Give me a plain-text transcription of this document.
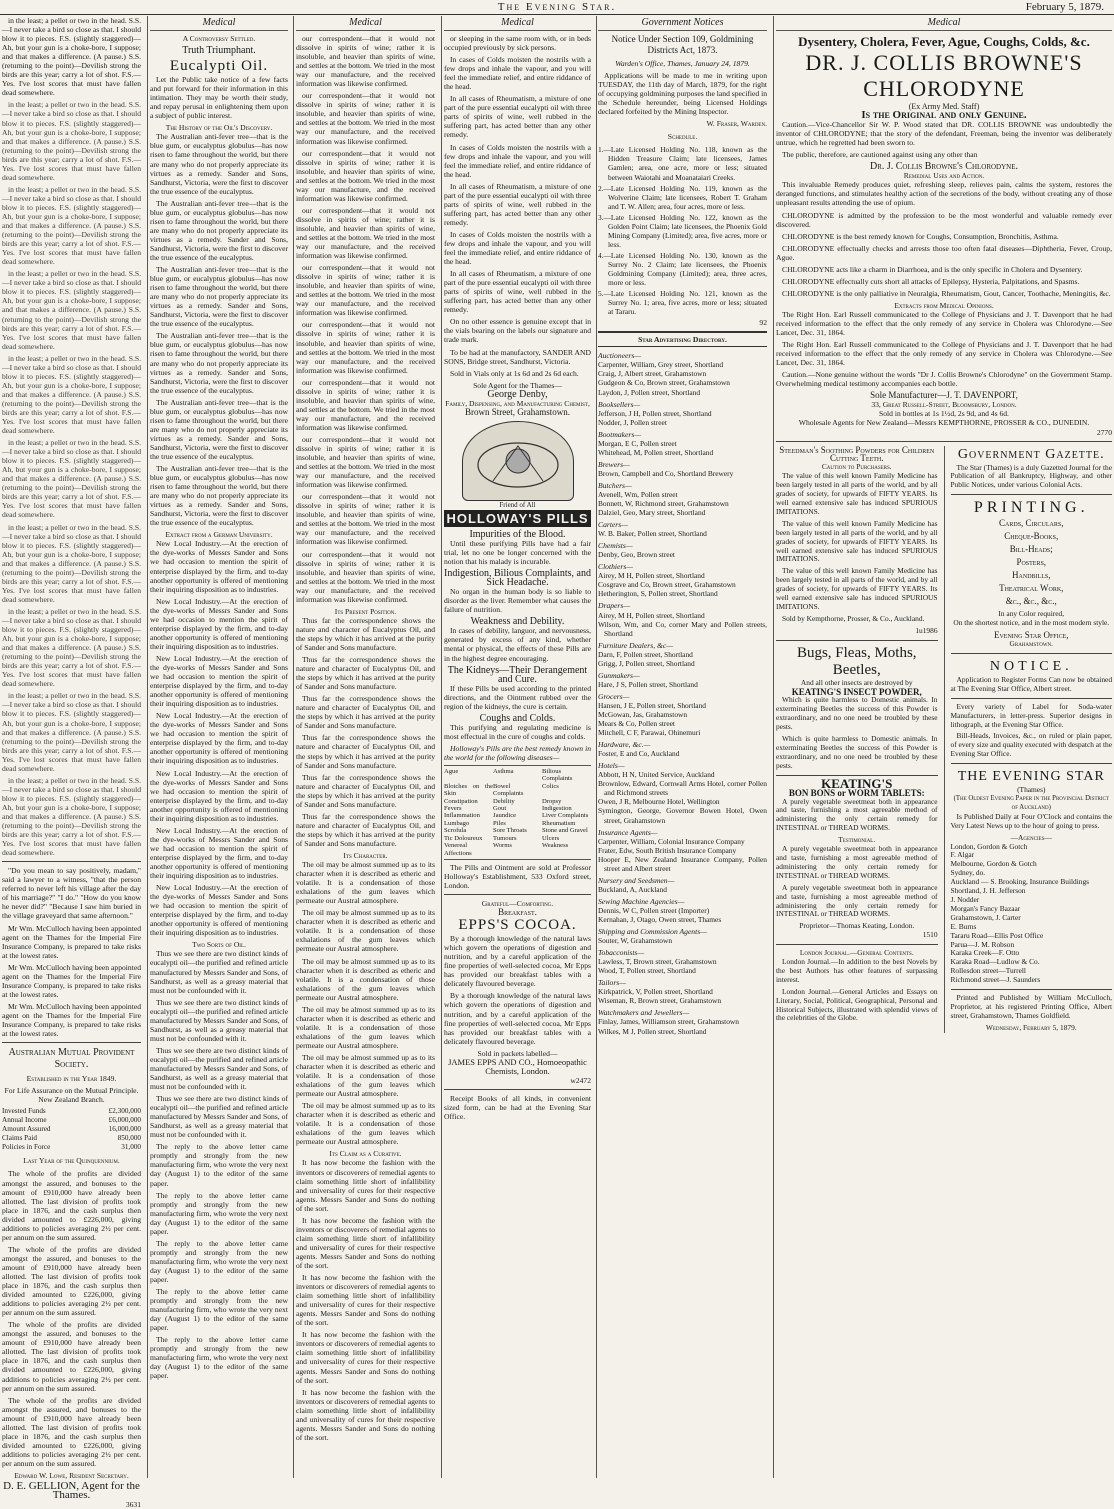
The Evening Star.	February 5, 1879.

in the least; a pellet or two in the head. S.S.—I never take a bird so close as that. I should blow it to pieces. F.S. (slightly staggered)—Ah, but your gun is a choke-bore, I suppose; and that makes a difference. (A pause.) S.S. (returning to the point)—Devilish strong the birds are this year; carry a lot of shot. F.S.—Yes. I've lost scores that must have fallen dead somewhere.

in the least; a pellet or two in the head. S.S.—I never take a bird so close as that. I should blow it to pieces. F.S. (slightly staggered)—Ah, but your gun is a choke-bore, I suppose; and that makes a difference. (A pause.) S.S. (returning to the point)—Devilish strong the birds are this year; carry a lot of shot. F.S.—Yes. I've lost scores that must have fallen dead somewhere.

in the least; a pellet or two in the head. S.S.—I never take a bird so close as that. I should blow it to pieces. F.S. (slightly staggered)—Ah, but your gun is a choke-bore, I suppose; and that makes a difference. (A pause.) S.S. (returning to the point)—Devilish strong the birds are this year; carry a lot of shot. F.S.—Yes. I've lost scores that must have fallen dead somewhere.

in the least; a pellet or two in the head. S.S.—I never take a bird so close as that. I should blow it to pieces. F.S. (slightly staggered)—Ah, but your gun is a choke-bore, I suppose; and that makes a difference. (A pause.) S.S. (returning to the point)—Devilish strong the birds are this year; carry a lot of shot. F.S.—Yes. I've lost scores that must have fallen dead somewhere.

in the least; a pellet or two in the head. S.S.—I never take a bird so close as that. I should blow it to pieces. F.S. (slightly staggered)—Ah, but your gun is a choke-bore, I suppose; and that makes a difference. (A pause.) S.S. (returning to the point)—Devilish strong the birds are this year; carry a lot of shot. F.S.—Yes. I've lost scores that must have fallen dead somewhere.

in the least; a pellet or two in the head. S.S.—I never take a bird so close as that. I should blow it to pieces. F.S. (slightly staggered)—Ah, but your gun is a choke-bore, I suppose; and that makes a difference. (A pause.) S.S. (returning to the point)—Devilish strong the birds are this year; carry a lot of shot. F.S.—Yes. I've lost scores that must have fallen dead somewhere.

in the least; a pellet or two in the head. S.S.—I never take a bird so close as that. I should blow it to pieces. F.S. (slightly staggered)—Ah, but your gun is a choke-bore, I suppose; and that makes a difference. (A pause.) S.S. (returning to the point)—Devilish strong the birds are this year; carry a lot of shot. F.S.—Yes. I've lost scores that must have fallen dead somewhere.

in the least; a pellet or two in the head. S.S.—I never take a bird so close as that. I should blow it to pieces. F.S. (slightly staggered)—Ah, but your gun is a choke-bore, I suppose; and that makes a difference. (A pause.) S.S. (returning to the point)—Devilish strong the birds are this year; carry a lot of shot. F.S.—Yes. I've lost scores that must have fallen dead somewhere.

in the least; a pellet or two in the head. S.S.—I never take a bird so close as that. I should blow it to pieces. F.S. (slightly staggered)—Ah, but your gun is a choke-bore, I suppose; and that makes a difference. (A pause.) S.S. (returning to the point)—Devilish strong the birds are this year; carry a lot of shot. F.S.—Yes. I've lost scores that must have fallen dead somewhere.

in the least; a pellet or two in the head. S.S.—I never take a bird so close as that. I should blow it to pieces. F.S. (slightly staggered)—Ah, but your gun is a choke-bore, I suppose; and that makes a difference. (A pause.) S.S. (returning to the point)—Devilish strong the birds are this year; carry a lot of shot. F.S.—Yes. I've lost scores that must have fallen dead somewhere.

"Do you mean to say positively, madam," said a lawyer to a witness, "that the person referred to never left his village after the day of his marriage?" "I do." "How do you know he never did?" "Because I saw him buried in the village graveyard that same afternoon."

Mr Wm. McCulloch having been appointed agent on the Thames for the Imperial Fire Insurance Company, is prepared to take risks at the lowest rates.

Mr Wm. McCulloch having been appointed agent on the Thames for the Imperial Fire Insurance Company, is prepared to take risks at the lowest rates.

Mr Wm. McCulloch having been appointed agent on the Thames for the Imperial Fire Insurance Company, is prepared to take risks at the lowest rates.

Australian Mutual Provident Society.
Established in the Year 1849.
For Life Assurance on the Mutual Principle. New Zealand Branch.
Invested Funds	£2,300,000
Annual Income	£6,000,000
Amount Assured	16,000,000
Claims Paid	850,000
Policies in Force	31,000
Last Year of the Quinquennium.

The whole of the profits are divided amongst the assured, and bonuses to the amount of £910,000 have already been allotted. The last division of profits took place in 1876, and the cash surplus then divided amounted to £226,000, giving additions to policies averaging 2½ per cent. per annum on the sum assured.

The whole of the profits are divided amongst the assured, and bonuses to the amount of £910,000 have already been allotted. The last division of profits took place in 1876, and the cash surplus then divided amounted to £226,000, giving additions to policies averaging 2½ per cent. per annum on the sum assured.

The whole of the profits are divided amongst the assured, and bonuses to the amount of £910,000 have already been allotted. The last division of profits took place in 1876, and the cash surplus then divided amounted to £226,000, giving additions to policies averaging 2½ per cent. per annum on the sum assured.

The whole of the profits are divided amongst the assured, and bonuses to the amount of £910,000 have already been allotted. The last division of profits took place in 1876, and the cash surplus then divided amounted to £226,000, giving additions to policies averaging 2½ per cent. per annum on the sum assured.

Edward W. Lowe, Resident Secretary.
D. E. GELLION, Agent for the Thames.
3631
Medical
A Controversy Settled.
Truth Triumphant.
Eucalypti Oil.

Let the Public take notice of a few facts and put forward for their information in this intimation. They may be worth their study, and repay perusal in enlightening them upon a subject of public interest.

The History of the Oil's Discovery.

The Australian anti-fever tree—that is the blue gum, or eucalyptus globulus—has now risen to fame throughout the world, but there are many who do not properly appreciate its virtues as a remedy. Sander and Sons, Sandhurst, Victoria, were the first to discover the true essence of the eucalyptus.

The Australian anti-fever tree—that is the blue gum, or eucalyptus globulus—has now risen to fame throughout the world, but there are many who do not properly appreciate its virtues as a remedy. Sander and Sons, Sandhurst, Victoria, were the first to discover the true essence of the eucalyptus.

The Australian anti-fever tree—that is the blue gum, or eucalyptus globulus—has now risen to fame throughout the world, but there are many who do not properly appreciate its virtues as a remedy. Sander and Sons, Sandhurst, Victoria, were the first to discover the true essence of the eucalyptus.

The Australian anti-fever tree—that is the blue gum, or eucalyptus globulus—has now risen to fame throughout the world, but there are many who do not properly appreciate its virtues as a remedy. Sander and Sons, Sandhurst, Victoria, were the first to discover the true essence of the eucalyptus.

The Australian anti-fever tree—that is the blue gum, or eucalyptus globulus—has now risen to fame throughout the world, but there are many who do not properly appreciate its virtues as a remedy. Sander and Sons, Sandhurst, Victoria, were the first to discover the true essence of the eucalyptus.

The Australian anti-fever tree—that is the blue gum, or eucalyptus globulus—has now risen to fame throughout the world, but there are many who do not properly appreciate its virtues as a remedy. Sander and Sons, Sandhurst, Victoria, were the first to discover the true essence of the eucalyptus.

Extract from a German University.

New Local Industry.—At the erection of the dye-works of Messrs Sander and Sons we had occasion to mention the spirit of enterprise displayed by the firm, and to-day another opportunity is offered of mentioning their inquiring disposition as to industries.

New Local Industry.—At the erection of the dye-works of Messrs Sander and Sons we had occasion to mention the spirit of enterprise displayed by the firm, and to-day another opportunity is offered of mentioning their inquiring disposition as to industries.

New Local Industry.—At the erection of the dye-works of Messrs Sander and Sons we had occasion to mention the spirit of enterprise displayed by the firm, and to-day another opportunity is offered of mentioning their inquiring disposition as to industries.

New Local Industry.—At the erection of the dye-works of Messrs Sander and Sons we had occasion to mention the spirit of enterprise displayed by the firm, and to-day another opportunity is offered of mentioning their inquiring disposition as to industries.

New Local Industry.—At the erection of the dye-works of Messrs Sander and Sons we had occasion to mention the spirit of enterprise displayed by the firm, and to-day another opportunity is offered of mentioning their inquiring disposition as to industries.

New Local Industry.—At the erection of the dye-works of Messrs Sander and Sons we had occasion to mention the spirit of enterprise displayed by the firm, and to-day another opportunity is offered of mentioning their inquiring disposition as to industries.

New Local Industry.—At the erection of the dye-works of Messrs Sander and Sons we had occasion to mention the spirit of enterprise displayed by the firm, and to-day another opportunity is offered of mentioning their inquiring disposition as to industries.

Two Sorts of Oil.

Thus we see there are two distinct kinds of eucalypti oil—the purified and refined article manufactured by Messrs Sander and Sons, of Sandhurst, as well as a greasy material that must not be confounded with it.

Thus we see there are two distinct kinds of eucalypti oil—the purified and refined article manufactured by Messrs Sander and Sons, of Sandhurst, as well as a greasy material that must not be confounded with it.

Thus we see there are two distinct kinds of eucalypti oil—the purified and refined article manufactured by Messrs Sander and Sons, of Sandhurst, as well as a greasy material that must not be confounded with it.

Thus we see there are two distinct kinds of eucalypti oil—the purified and refined article manufactured by Messrs Sander and Sons, of Sandhurst, as well as a greasy material that must not be confounded with it.

The reply to the above letter came promptly and strongly from the new manufacturing firm, who wrote the very next day (August 1) to the editor of the same paper.

The reply to the above letter came promptly and strongly from the new manufacturing firm, who wrote the very next day (August 1) to the editor of the same paper.

The reply to the above letter came promptly and strongly from the new manufacturing firm, who wrote the very next day (August 1) to the editor of the same paper.

The reply to the above letter came promptly and strongly from the new manufacturing firm, who wrote the very next day (August 1) to the editor of the same paper.

The reply to the above letter came promptly and strongly from the new manufacturing firm, who wrote the very next day (August 1) to the editor of the same paper.

Medical

our correspondent—that it would not dissolve in spirits of wine; rather it is insoluble, and heavier than spirits of wine, and settles at the bottom. We tried in the most way our manufacture, and the received information was likewise confirmed.

our correspondent—that it would not dissolve in spirits of wine; rather it is insoluble, and heavier than spirits of wine, and settles at the bottom. We tried in the most way our manufacture, and the received information was likewise confirmed.

our correspondent—that it would not dissolve in spirits of wine; rather it is insoluble, and heavier than spirits of wine, and settles at the bottom. We tried in the most way our manufacture, and the received information was likewise confirmed.

our correspondent—that it would not dissolve in spirits of wine; rather it is insoluble, and heavier than spirits of wine, and settles at the bottom. We tried in the most way our manufacture, and the received information was likewise confirmed.

our correspondent—that it would not dissolve in spirits of wine; rather it is insoluble, and heavier than spirits of wine, and settles at the bottom. We tried in the most way our manufacture, and the received information was likewise confirmed.

our correspondent—that it would not dissolve in spirits of wine; rather it is insoluble, and heavier than spirits of wine, and settles at the bottom. We tried in the most way our manufacture, and the received information was likewise confirmed.

our correspondent—that it would not dissolve in spirits of wine; rather it is insoluble, and heavier than spirits of wine, and settles at the bottom. We tried in the most way our manufacture, and the received information was likewise confirmed.

our correspondent—that it would not dissolve in spirits of wine; rather it is insoluble, and heavier than spirits of wine, and settles at the bottom. We tried in the most way our manufacture, and the received information was likewise confirmed.

our correspondent—that it would not dissolve in spirits of wine; rather it is insoluble, and heavier than spirits of wine, and settles at the bottom. We tried in the most way our manufacture, and the received information was likewise confirmed.

our correspondent—that it would not dissolve in spirits of wine; rather it is insoluble, and heavier than spirits of wine, and settles at the bottom. We tried in the most way our manufacture, and the received information was likewise confirmed.

Its Present Position.

Thus far the correspondence shows the nature and character of Eucalyptus Oil, and the steps by which it has arrived at the purity of Sander and Sons manufacture.

Thus far the correspondence shows the nature and character of Eucalyptus Oil, and the steps by which it has arrived at the purity of Sander and Sons manufacture.

Thus far the correspondence shows the nature and character of Eucalyptus Oil, and the steps by which it has arrived at the purity of Sander and Sons manufacture.

Thus far the correspondence shows the nature and character of Eucalyptus Oil, and the steps by which it has arrived at the purity of Sander and Sons manufacture.

Thus far the correspondence shows the nature and character of Eucalyptus Oil, and the steps by which it has arrived at the purity of Sander and Sons manufacture.

Thus far the correspondence shows the nature and character of Eucalyptus Oil, and the steps by which it has arrived at the purity of Sander and Sons manufacture.

Its Character.

The oil may be almost summed up as to its character when it is described as etheric and volatile. It is a condensation of those exhalations of the gum leaves which permeate our Austral atmosphere.

The oil may be almost summed up as to its character when it is described as etheric and volatile. It is a condensation of those exhalations of the gum leaves which permeate our Austral atmosphere.

The oil may be almost summed up as to its character when it is described as etheric and volatile. It is a condensation of those exhalations of the gum leaves which permeate our Austral atmosphere.

The oil may be almost summed up as to its character when it is described as etheric and volatile. It is a condensation of those exhalations of the gum leaves which permeate our Austral atmosphere.

The oil may be almost summed up as to its character when it is described as etheric and volatile. It is a condensation of those exhalations of the gum leaves which permeate our Austral atmosphere.

The oil may be almost summed up as to its character when it is described as etheric and volatile. It is a condensation of those exhalations of the gum leaves which permeate our Austral atmosphere.

Its Claim as a Curative.

It has now become the fashion with the inventors or discoverers of remedial agents to claim something little short of infallibility and universality of cures for their respective agents. Messrs Sander and Sons do nothing of the sort.

It has now become the fashion with the inventors or discoverers of remedial agents to claim something little short of infallibility and universality of cures for their respective agents. Messrs Sander and Sons do nothing of the sort.

It has now become the fashion with the inventors or discoverers of remedial agents to claim something little short of infallibility and universality of cures for their respective agents. Messrs Sander and Sons do nothing of the sort.

It has now become the fashion with the inventors or discoverers of remedial agents to claim something little short of infallibility and universality of cures for their respective agents. Messrs Sander and Sons do nothing of the sort.

It has now become the fashion with the inventors or discoverers of remedial agents to claim something little short of infallibility and universality of cures for their respective agents. Messrs Sander and Sons do nothing of the sort.

Medical

or sleeping in the same room with, or in beds occupied previously by sick persons.

In cases of Colds moisten the nostrils with a few drops and inhale the vapour, and you will feel the immediate relief, and entire riddance of the head.

In all cases of Rheumatism, a mixture of one part of the pure essential eucalypti oil with three parts of spirits of wine, well rubbed in the suffering part, has acted better than any other remedy.

In cases of Colds moisten the nostrils with a few drops and inhale the vapour, and you will feel the immediate relief, and entire riddance of the head.

In all cases of Rheumatism, a mixture of one part of the pure essential eucalypti oil with three parts of spirits of wine, well rubbed in the suffering part, has acted better than any other remedy.

In cases of Colds moisten the nostrils with a few drops and inhale the vapour, and you will feel the immediate relief, and entire riddance of the head.

In all cases of Rheumatism, a mixture of one part of the pure essential eucalypti oil with three parts of spirits of wine, well rubbed in the suffering part, has acted better than any other remedy.

On no other essence is genuine except that in the vials bearing on the labels our signature and trade mark.

To be had at the manufactory, SANDER AND SONS, Bridge street, Sandhurst, Victoria.

Sold in Vials only at 1s 6d and 2s 6d each.

Sole Agent for the Thames—
George Denby,
Family, Dispensing, and Manufacturing Chemist,
Brown Street, Grahamstown.
Friend of All
HOLLOWAY'S PILLS
Impurities of the Blood.

Until these purifying Pills have had a fair trial, let no one be longer concerned with the notion that his malady is incurable.

Indigestion, Bilious Complaints, and Sick Headache.

No organ in the human body is so liable to disorder as the liver. Remember what causes the failure of nutrition.

Weakness and Debility.

In cases of debility, languor, and nervousness, generated by excess of any kind, whether mental or physical, the effects of these Pills are in the highest degree encouraging.

The Kidneys—Their Derangement and Cure.

If these Pills be used according to the printed directions, and the Ointment rubbed over the region of the kidneys, the cure is certain.

Coughs and Colds.

This purifying and regulating medicine is most effectual in the cure of coughs and colds.

Holloway's Pills are the best remedy known in the world for the following diseases—

Ague	Asthma	Bilious Complaints
Blotches on the Skin
Bowel Complaints
Colics
Constipation	Debility	Dropsy
Fevers	Gout	Indigestion
Inflammation	Jaundice	Liver Complaints
Lumbago	Piles	Rheumatism
Scrofula	Sore Throats	Stone and Gravel
Tic Doloureux	Tumours	Ulcers
Venereal Affections
Worms	Weakness

The Pills and Ointment are sold at Professor Holloway's Establishment, 533 Oxford street, London.

Grateful—Comforting.
Breakfast.
EPPS'S COCOA.

By a thorough knowledge of the natural laws which govern the operations of digestion and nutrition, and by a careful application of the fine properties of well-selected cocoa, Mr Epps has provided our breakfast tables with a delicately flavoured beverage.

By a thorough knowledge of the natural laws which govern the operations of digestion and nutrition, and by a careful application of the fine properties of well-selected cocoa, Mr Epps has provided our breakfast tables with a delicately flavoured beverage.

Sold in packets labelled—
JAMES EPPS AND CO., Homoeopathic Chemists, London.
w2472

Receipt Books of all kinds, in convenient sized form, can be had at the Evening Star Office.

Government Notices
Notice Under Section 109, Goldmining Districts Act, 1873.
Warden's Office, Thames, January 24, 1879.

Applications will be made to me in writing upon TUESDAY, the 11th day of March, 1879, for the right of occupying goldmining purposes the land specified in the Schedule hereunder, being Licensed Holdings declared forfeited by the Mining Inspector.

W. Fraser, Warden.
Schedule.
1.—Late Licensed Holding No. 118, known as the Hidden Treasure Claim; late licensees, James Gamlen; area, one acre, more or less; situated between Waiotahi and Moanataiari Creeks.
2.—Late Licensed Holding No. 119, known as the Wolverine Claim; late licensees, Robert T. Graham and T. W. Allen; area, four acres, more or less.
3.—Late Licensed Holding No. 122, known as the Golden Point Claim; late licensees, the Phoenix Gold Mining Company (Limited); area, five acres, more or less.
4.—Late Licensed Holding No. 130, known as the Surrey No. 2 Claim; late licensees, the Phoenix Goldmining Company (Limited); area, three acres, more or less.
5.—Late Licensed Holding No. 121, known as the Surrey No. 1; area, five acres, more or less; situated at Tararu.
92
Star Advertising Directory.
Auctioneers—
Carpenter, William, Grey street, Shortland
Craig, J, Albert street, Grahamstown
Gudgeon & Co, Brown street, Grahamstown
Laydon, J, Pollen street, Shortland
Booksellers—
Jefferson, J H, Pollen street, Shortland
Nodder, J, Pollen street
Bootmakers—
Morgan, E C, Pollen street
Whitehead, M, Pollen street, Shortland
Brewers—
Brown, Campbell and Co, Shortland Brewery
Butchers—
Avenell, Wm, Pollen street
Bonnett, W, Richmond street, Grahamstown
Dalziel, Geo, Mary street, Shortland
Carters—
W. B. Baker, Pollen street, Shortland
Chemists—
Denby, Geo, Brown street
Clothiers—
Airey, M H, Pollen street, Shortland
Cosgrave and Co, Brown street, Grahamstown
Hetherington, S, Pollen street, Shortland
Drapers—
Airey, M H, Pollen street, Shortland
Wilson, Wm, and Co, corner Mary and Pollen streets, Shortland
Furniture Dealers, &c—
Darn, F, Pollen street, Shortland
Grigg, J, Pollen street, Shortland
Gunmakers—
Hare, J S, Pollen street, Shortland
Grocers—
Hansen, J E, Pollen street, Shortland
McGowan, Jas, Grahamstown
Mears & Co, Pollen street
Mitchell, C F, Parawai, Ohinemuri
Hardware, &c.—
Foster, E and Co, Auckland
Hotels—
Abbott, H N, United Service, Auckland
Brownlow, Edward, Cornwall Arms Hotel, corner Pollen and Richmond streets
Owen, J R, Melbourne Hotel, Wellington
Symington, George, Governor Bowen Hotel, Owen street, Grahamstown
Insurance Agents—
Carpenter, William, Colonial Insurance Company
Frater, Edw, South British Insurance Company
Hooper E, New Zealand Insurance Company, Pollen street and Albert street
Nursery and Seedsmen—
Buckland, A, Auckland
Sewing Machine Agencies—
Dennis, W C, Pollen street (Importer)
Kernahan, J, Otago, Owen street, Thames
Shipping and Commission Agents—
Souter, W, Grahamstown
Tobacconists—
Lawless, T, Brown street, Grahamstown
Wood, T, Pollen street, Shortland
Tailors—
Kirkpatrick, V, Pollen street, Shortland
Wiseman, R, Brown street, Grahamstown
Watchmakers and Jewellers—
Finlay, James, Williamson street, Grahamstown
Wilkes, M J, Pollen street, Shortland
Medical
Dysentery, Cholera, Fever, Ague, Coughs, Colds, &c.
DR. J. COLLIS BROWNE'S CHLORODYNE
(Ex Army Med. Staff)
Is the Original and only Genuine.

Caution.—Vice-Chancellor Sir W. P. Wood stated that DR. COLLIS BROWNE was undoubtedly the inventor of CHLORODYNE; that the story of the defendant, Freeman, being the inventor was deliberately untrue, which he regretted had been sworn to.

The public, therefore, are cautioned against using any other than

Dr. J. Collis Browne's Chlorodyne.
Remedial Uses and Action.

This invaluable Remedy produces quiet, refreshing sleep, relieves pain, calms the system, restores the deranged functions, and stimulates healthy action of the secretions of the body, without creating any of those unpleasant results attending the use of opium.

CHLORODYNE is admitted by the profession to be the most wonderful and valuable remedy ever discovered.

CHLORODYNE is the best remedy known for Coughs, Consumption, Bronchitis, Asthma.

CHLORODYNE effectually checks and arrests those too often fatal diseases—Diphtheria, Fever, Croup, Ague.

CHLORODYNE acts like a charm in Diarrhoea, and is the only specific in Cholera and Dysentery.

CHLORODYNE effectually cuts short all attacks of Epilepsy, Hysteria, Palpitations, and Spasms.

CHLORODYNE is the only palliative in Neuralgia, Rheumatism, Gout, Cancer, Toothache, Meningitis, &c.

Extracts from Medical Opinions.

The Right Hon. Earl Russell communicated to the College of Physicians and J. T. Davenport that he had received information to the effect that the only remedy of any service in Cholera was Chlorodyne.—See Lancet, Dec. 31, 1864.

The Right Hon. Earl Russell communicated to the College of Physicians and J. T. Davenport that he had received information to the effect that the only remedy of any service in Cholera was Chlorodyne.—See Lancet, Dec. 31, 1864.

Caution.—None genuine without the words "Dr J. Collis Browne's Chlorodyne" on the Government Stamp. Overwhelming medical testimony accompanies each bottle.

Sole Manufacturer—J. T. DAVENPORT,
33, Great Russell-Street, Bloomsbury, London.
Sold in bottles at 1s 1½d, 2s 9d, and 4s 6d.
Wholesale Agents for New Zealand—Messrs KEMPTHORNE, PROSSER & CO., DUNEDIN.
2770
Steedman's Soothing Powders for Children Cutting Teeth.
Caution to Purchasers.

The value of this well known Family Medicine has been largely tested in all parts of the world, and by all grades of society, for upwards of FIFTY YEARS. Its well earned extensive sale has induced SPURIOUS IMITATIONS.

The value of this well known Family Medicine has been largely tested in all parts of the world, and by all grades of society, for upwards of FIFTY YEARS. Its well earned extensive sale has induced SPURIOUS IMITATIONS.

The value of this well known Family Medicine has been largely tested in all parts of the world, and by all grades of society, for upwards of FIFTY YEARS. Its well earned extensive sale has induced SPURIOUS IMITATIONS.

Sold by Kempthorne, Prosser, & Co., Auckland.

1u1986
Bugs, Fleas, Moths, Beetles,
And all other insects are destroyed by
KEATING'S INSECT POWDER,

Which is quite harmless to Domestic animals. In exterminating Beetles the success of this Powder is extraordinary, and no one need be troubled by these pests.

Which is quite harmless to Domestic animals. In exterminating Beetles the success of this Powder is extraordinary, and no one need be troubled by these pests.

KEATING'S
BON BONS or WORM TABLETS:

A purely vegetable sweetmeat both in appearance and taste, furnishing a most agreeable method of administering the only certain remedy for INTESTINAL or THREAD WORMS.

Testimonial.

A purely vegetable sweetmeat both in appearance and taste, furnishing a most agreeable method of administering the only certain remedy for INTESTINAL or THREAD WORMS.

A purely vegetable sweetmeat both in appearance and taste, furnishing a most agreeable method of administering the only certain remedy for INTESTINAL or THREAD WORMS.

Proprietor—Thomas Keating, London.
1510
London Journal.—General Contents.

London Journal.—In addition to the best Novels by the best Authors has other features of surpassing interest.

London Journal.—General Articles and Essays on Literary, Social, Political, Geographical, Personal and Historical Subjects, illustrated with splendid views of the celebrities of the Globe.

Government Gazette.

The Star (Thames) is a duly Gazetted Journal for the Publication of all Bankruptcy, Highway, and other Public Notices, under various Colonial Acts.

PRINTING.
Cards, Circulars,
Cheque-Books,
Bill-Heads;
Posters,
Handbills,
Theatrical Work,
&c., &c., &c.,
In any Color required,
On the shortest notice, and in the most modern style.
Evening Star Office,
Grahamstown.
NOTICE.

Application to Register Forms Can now be obtained at The Evening Star Office, Albert street.

Every variety of Label for Soda-water Manufacturers, in letter-press. Superior designs in lithograph, at the Evening Star Office.

Bill-Heads, Invoices, &c., on ruled or plain paper, of every size and quality executed with despatch at the Evening Star Office.

THE EVENING STAR
(Thames)
(The Oldest Evening Paper in the Provincial District of Auckland)

Is Published Daily at Four O'Clock and contains the Very Latest News up to the hour of going to press.

—Agencies—
London, Gordon & Gotch
F. Algar
Melbourne, Gordon & Gotch
Sydney, do.
Auckland — S. Brooking, Insurance Buildings
Shortland, J. H. Jefferson
J. Nodder
Morgan's Fancy Bazaar
Grahamstown, J. Carter
E. Burns
Tararu Road—Ellis Post Office
Parua—J. M. Robson
Karaka Creek—F. Otto
Karaka Road—Ludlow & Co.
Rollesdon street—Turrell
Richmond street—J. Saunders

Printed and Published by William McCulloch, Proprietor, at his registered Printing Office, Albert street, Grahamstown, Thames Goldfield.

Wednesday, February 5, 1879.
